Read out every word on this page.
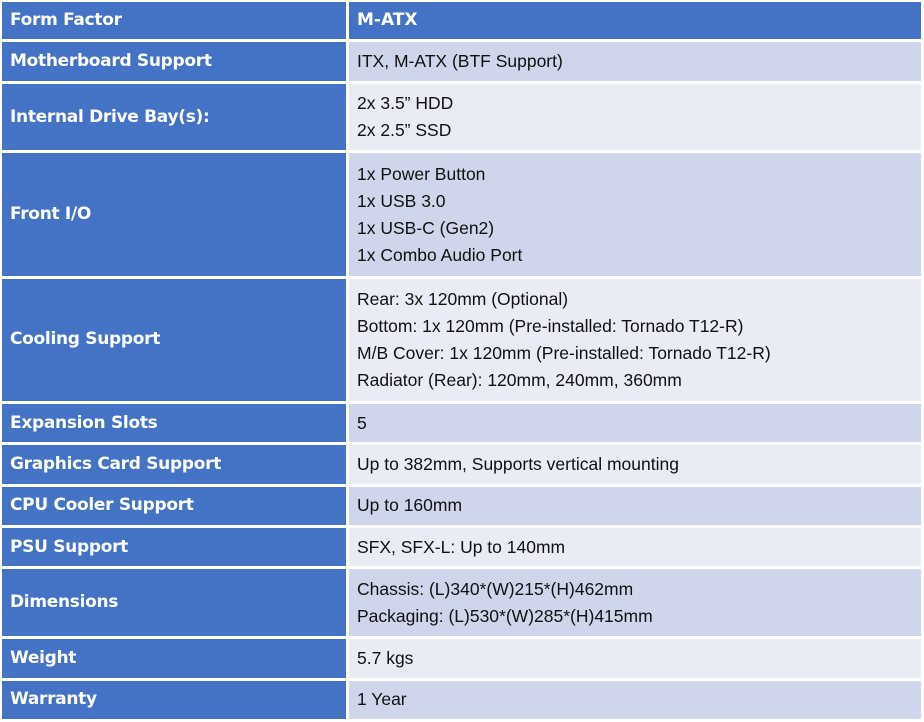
Form Factor	M-ATX
Motherboard Support	ITX, M-ATX (BTF Support)

Internal Drive Bay(s):	2x 3.5” HDD
2x 2.5” SSD

Front I/O	1x Power Button
1x USB 3.0
1x USB-C (Gen2)
1x Combo Audio Port

Cooling Support	Rear: 3x 120mm (Optional)
Bottom: 1x 120mm (Pre-installed: Tornado T12-R)
M/B Cover: 1x 120mm (Pre-installed: Tornado T12-R)
Radiator (Rear): 120mm, 240mm, 360mm

Expansion Slots	5

Graphics Card Support	Up to 382mm, Supports vertical mounting

CPU Cooler Support	Up to 160mm

PSU Support	SFX, SFX-L: Up to 140mm

Dimensions	Chassis: (L)340*(W)215*(H)462mm
Packaging: (L)530*(W)285*(H)415mm

Weight	5.7 kgs

Warranty	1 Year
